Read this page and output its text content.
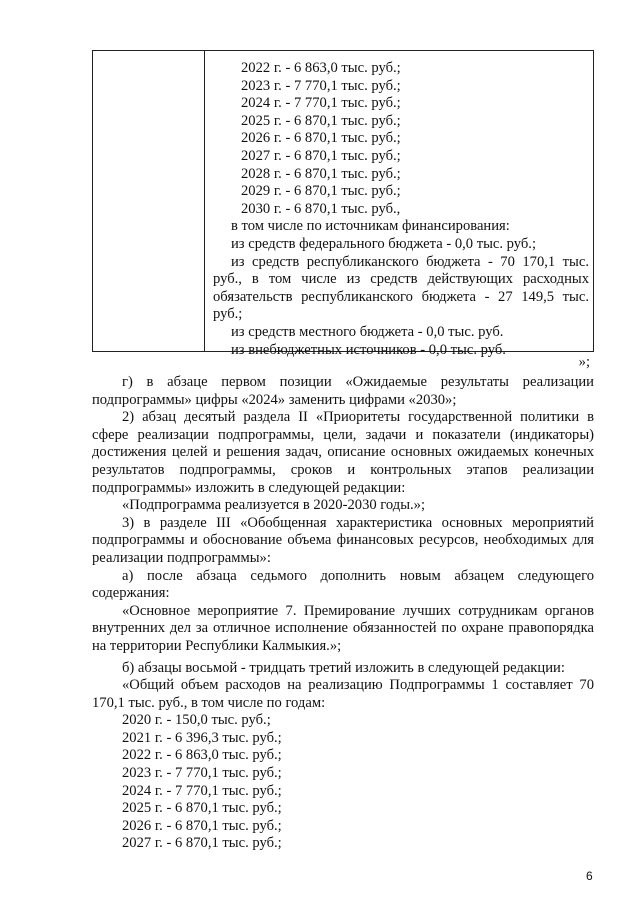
2022 г. - 6 863,0 тыс. руб.;
2023 г. - 7 770,1 тыс. руб.;
2024 г. - 7 770,1 тыс. руб.;
2025 г. - 6 870,1 тыс. руб.;
2026 г. - 6 870,1 тыс. руб.;
2027 г. - 6 870,1 тыс. руб.;
2028 г. - 6 870,1 тыс. руб.;
2029 г. - 6 870,1 тыс. руб.;
2030 г. - 6 870,1 тыс. руб.,
в том числе по источникам финансирования:
из средств федерального бюджета - 0,0 тыс. руб.;
из средств республиканского бюджета - 70 170,1 тыс.
руб., в том числе из средств действующих расходных
обязательств республиканского бюджета - 27 149,5 тыс.
руб.;
из средств местного бюджета - 0,0 тыс. руб.
из внебюджетных источников - 0,0 тыс. руб.
»;

г) в абзаце первом позиции «Ожидаемые результаты реализации подпрограммы» цифры «2024» заменить цифрами «2030»;

2) абзац десятый раздела II «Приоритеты государственной политики в сфере реализации подпрограммы, цели, задачи и показатели (индикаторы) достижения целей и решения задач, описание основных ожидаемых конечных результатов подпрограммы, сроков и контрольных этапов реализации подпрограммы» изложить в следующей редакции:

«Подпрограмма реализуется в 2020-2030 годы.»;

3) в разделе III «Обобщенная характеристика основных мероприятий подпрограммы и обоснование объема финансовых ресурсов, необходимых для реализации подпрограммы»:

а) после абзаца седьмого дополнить новым абзацем следующего содержания:

«Основное мероприятие 7. Премирование лучших сотрудникам органов внутренних дел за отличное исполнение обязанностей по охране правопорядка на территории Республики Калмыкия.»;

б) абзацы восьмой - тридцать третий изложить в следующей редакции:

«Общий объем расходов на реализацию Подпрограммы 1 составляет 70 170,1 тыс. руб., в том числе по годам:

2020 г. - 150,0 тыс. руб.;
2021 г. - 6 396,3 тыс. руб.;
2022 г. - 6 863,0 тыс. руб.;
2023 г. - 7 770,1 тыс. руб.;
2024 г. - 7 770,1 тыс. руб.;
2025 г. - 6 870,1 тыс. руб.;
2026 г. - 6 870,1 тыс. руб.;
2027 г. - 6 870,1 тыс. руб.;
6
